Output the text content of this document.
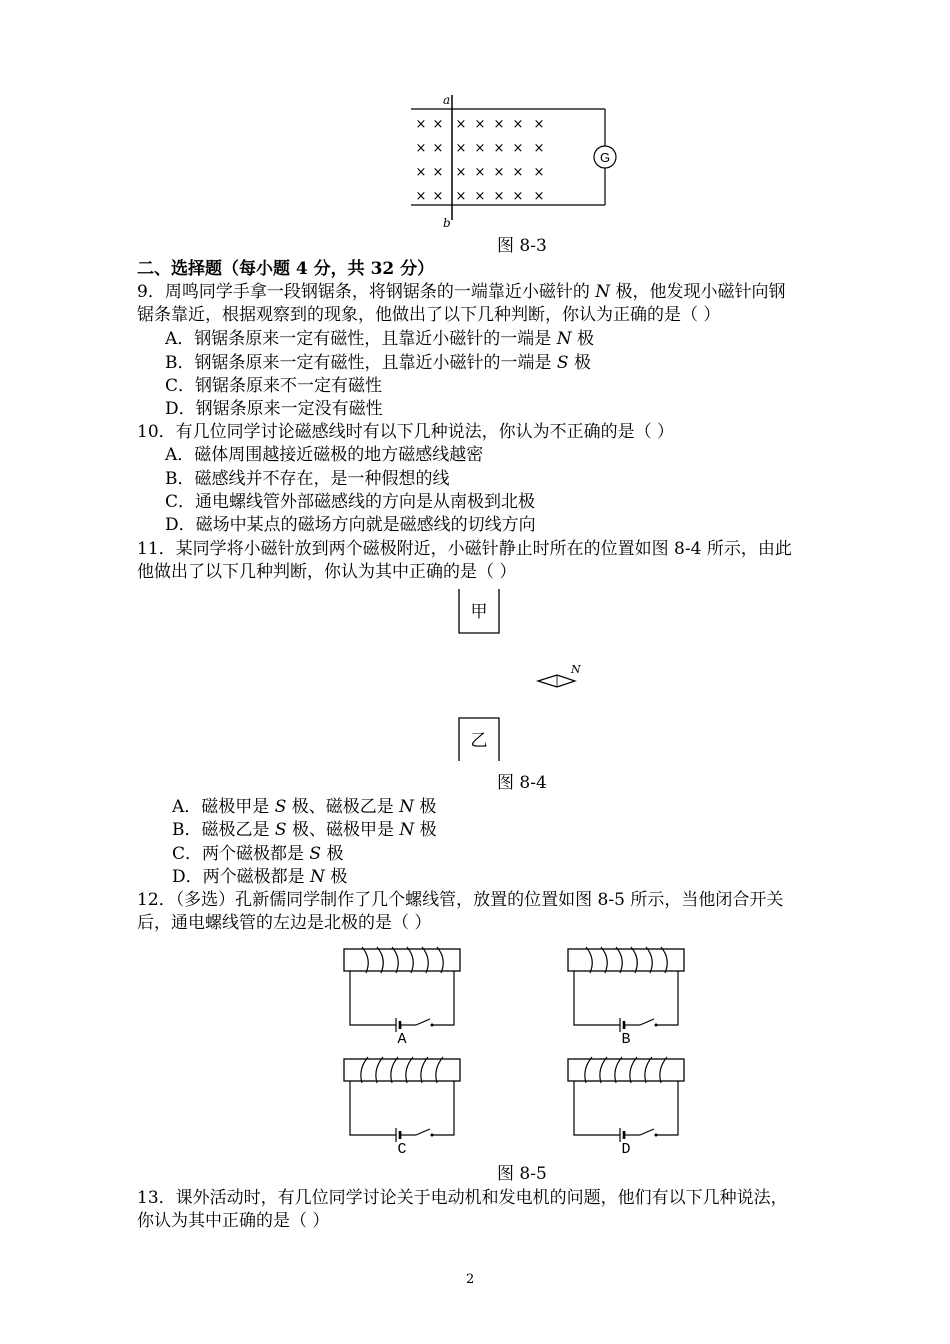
G
a
b
× × × × × × ×
× × × × × × ×
× × × × × × ×
× × × × × × ×
图 8-3
二、选择题（每小题 4 分，共 32 分）
9．周鸣同学手拿一段钢锯条，将钢锯条的一端靠近小磁针的 N 极，他发现小磁针向钢
锯条靠近，根据观察到的现象，他做出了以下几种判断，你认为正确的是（ ）
A．钢锯条原来一定有磁性，且靠近小磁针的一端是 N 极
B．钢锯条原来一定有磁性，且靠近小磁针的一端是 S 极
C．钢锯条原来不一定有磁性
D．钢锯条原来一定没有磁性
10．有几位同学讨论磁感线时有以下几种说法，你认为不正确的是（ ）
A．磁体周围越接近磁极的地方磁感线越密
B．磁感线并不存在，是一种假想的线
C．通电螺线管外部磁感线的方向是从南极到北极
D．磁场中某点的磁场方向就是磁感线的切线方向
11．某同学将小磁针放到两个磁极附近，小磁针静止时所在的位置如图 8-4 所示，由此
他做出了以下几种判断，你认为其中正确的是（ ）
甲
乙
N
图 8-4
A．磁极甲是 S 极、磁极乙是 N 极
B．磁极乙是 S 极、磁极甲是 N 极
C．两个磁极都是 S 极
D．两个磁极都是 N 极
12．（多选）孔新儒同学制作了几个螺线管，放置的位置如图 8-5 所示，当他闭合开关
后，通电螺线管的左边是北极的是（ ）
A	B
C	D
图 8-5
13．课外活动时，有几位同学讨论关于电动机和发电机的问题，他们有以下几种说法，
你认为其中正确的是（ ）
2
